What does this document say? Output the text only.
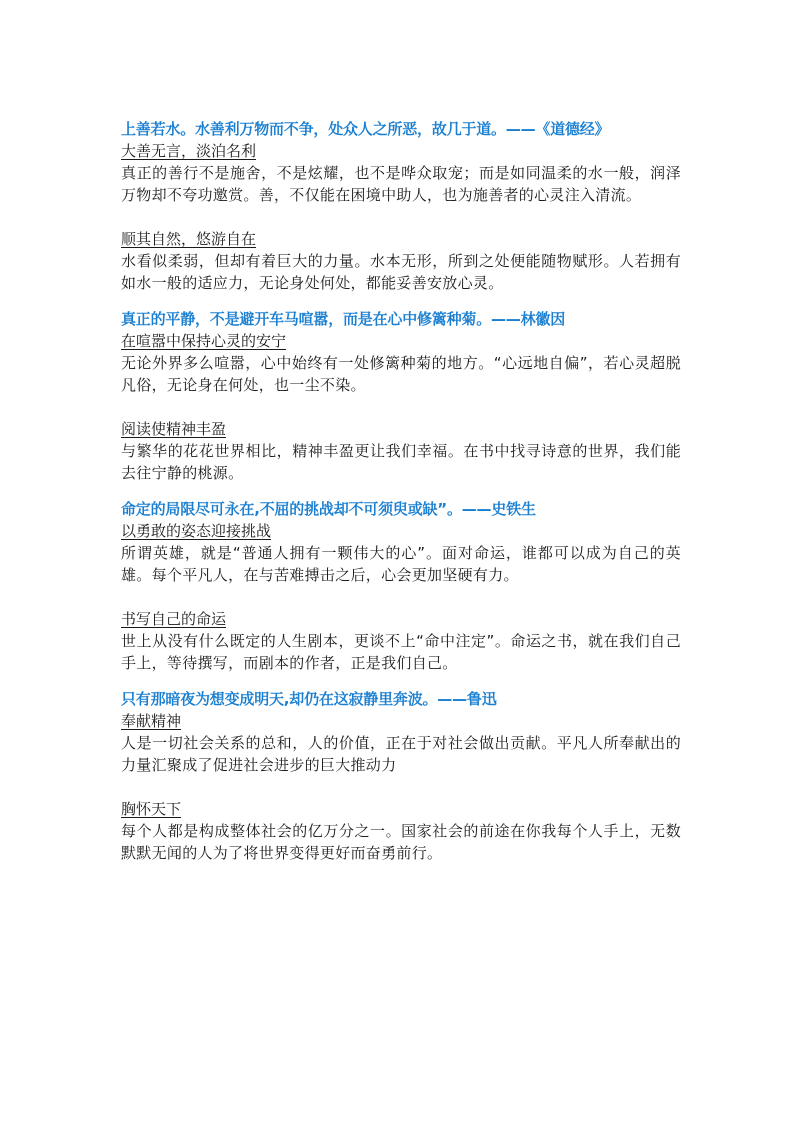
上善若水。水善利万物而不争，处众人之所恶，故几于道。——《道德经》

大善无言，淡泊名利

真正的善行不是施舍，不是炫耀，也不是哗众取宠；而是如同温柔的水一般，润泽万物却不夸功邀赏。善，不仅能在困境中助人，也为施善者的心灵注入清流。

顺其自然，悠游自在

水看似柔弱，但却有着巨大的力量。水本无形，所到之处便能随物赋形。人若拥有如水一般的适应力，无论身处何处，都能妥善安放心灵。

真正的平静，不是避开车马喧嚣，而是在心中修篱种菊。——林徽因

在喧嚣中保持心灵的安宁

无论外界多么喧嚣，心中始终有一处修篱种菊的地方。“心远地自偏”，若心灵超脱凡俗，无论身在何处，也一尘不染。

阅读使精神丰盈

与繁华的花花世界相比，精神丰盈更让我们幸福。在书中找寻诗意的世界，我们能去往宁静的桃源。

命定的局限尽可永在,不屈的挑战却不可须臾或缺”。——史铁生

以勇敢的姿态迎接挑战

所谓英雄，就是“普通人拥有一颗伟大的心”。面对命运，谁都可以成为自己的英雄。每个平凡人，在与苦难搏击之后，心会更加坚硬有力。

书写自己的命运

世上从没有什么既定的人生剧本，更谈不上“命中注定”。命运之书，就在我们自己手上，等待撰写，而剧本的作者，正是我们自己。

只有那暗夜为想变成明天,却仍在这寂静里奔波。——鲁迅

奉献精神

人是一切社会关系的总和，人的价值，正在于对社会做出贡献。平凡人所奉献出的力量汇聚成了促进社会进步的巨大推动力

胸怀天下

每个人都是构成整体社会的亿万分之一。国家社会的前途在你我每个人手上，无数默默无闻的人为了将世界变得更好而奋勇前行。
